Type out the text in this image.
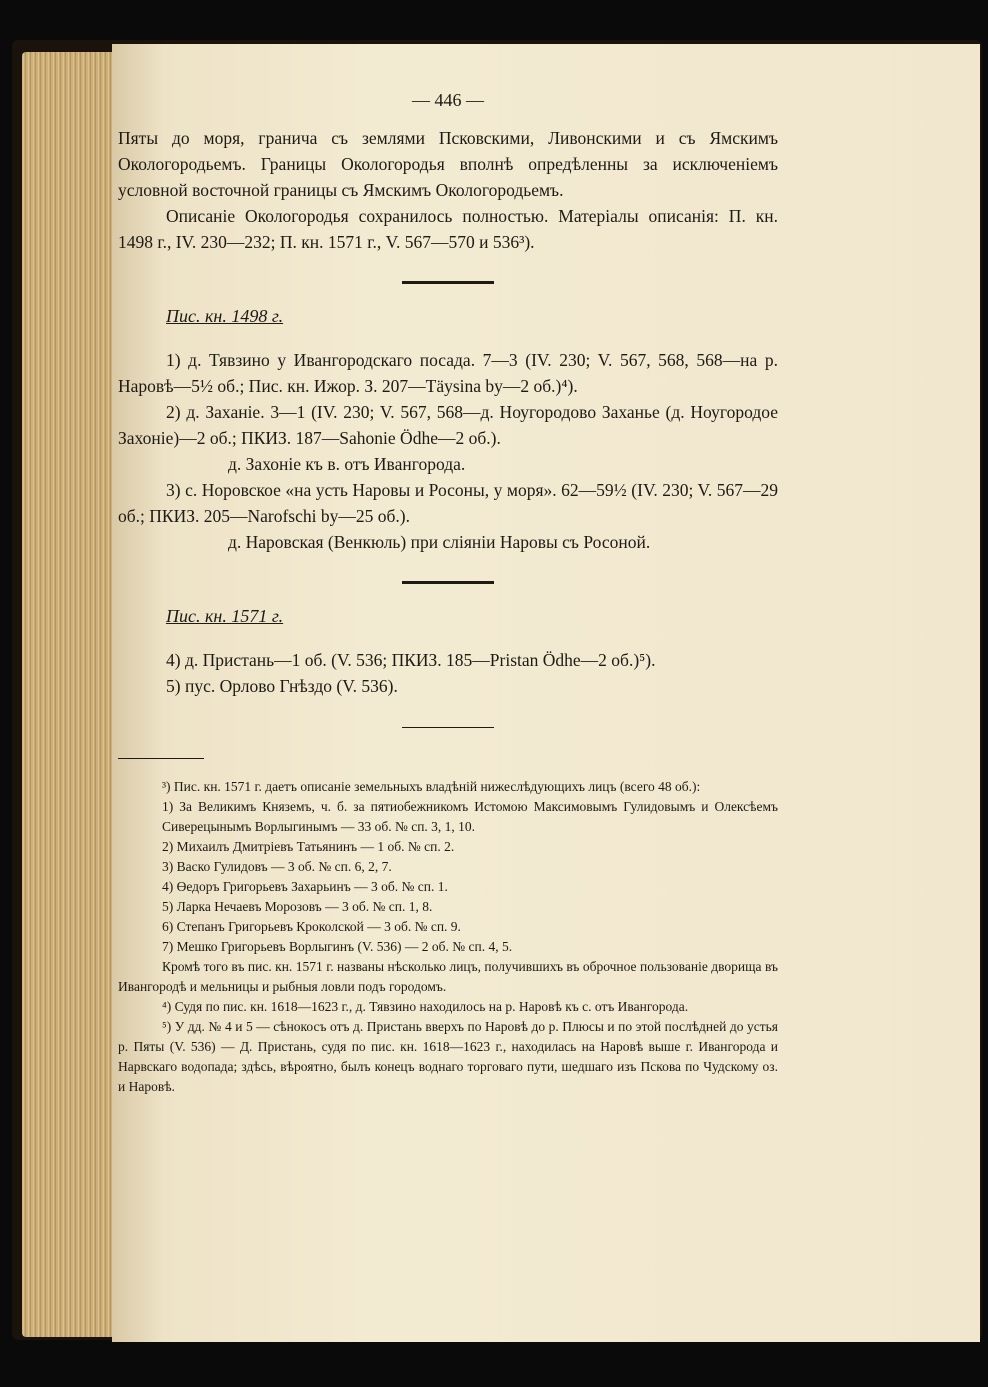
— 446 —

Пяты до моря, гранича съ землями Псковскими, Ливонскими и съ Ямскимъ Окологородьемъ. Границы Окологородья вполнѣ опредѣленны за исключеніемъ условной восточной границы съ Ямскимъ Окологородьемъ.

Описаніе Окологородья сохранилось полностью. Матеріалы описанія: П. кн. 1498 г., IV. 230—232; П. кн. 1571 г., V. 567—570 и 536³).

Пис. кн. 1498 г.

1) д. Тявзино у Ивангородскаго посада. 7—3 (IV. 230; V. 567, 568, 568—на р. Наровѣ—5½ об.; Пис. кн. Ижор. З. 207—Täysina by—2 об.)⁴).

2) д. Заханіе. 3—1 (IV. 230; V. 567, 568—д. Ноугородово Заханье (д. Ноугородое Захоніе)—2 об.; ПКИЗ. 187—Sahonie Ödhe—2 об.).

д. Захоніе къ в. отъ Ивангорода.

3) с. Норовское «на усть Наровы и Росоны, у моря». 62—59½ (IV. 230; V. 567—29 об.; ПКИЗ. 205—Narofschi by—25 об.).

д. Наровская (Венкюль) при сліяніи Наровы съ Росоной.

Пис. кн. 1571 г.

4) д. Пристань—1 об. (V. 536; ПКИЗ. 185—Pristan Ödhe—2 об.)⁵).

5) пус. Орлово Гнѣздо (V. 536).

³) Пис. кн. 1571 г. даетъ описаніе земельныхъ владѣній нижеслѣдующихъ лицъ (всего 48 об.):

1) За Великимъ Княземъ, ч. б. за пятиобежникомъ Истомою Максимовымъ Гулидовымъ и Олексѣемъ Сиверецынымъ Ворлыгинымъ — 33 об. № сп. 3, 1, 10.

2) Михаилъ Дмитріевъ Татьянинъ — 1 об. № сп. 2.

3) Васко Гулидовъ — 3 об. № сп. 6, 2, 7.

4) Өедоръ Григорьевъ Захарьинъ — 3 об. № сп. 1.

5) Ларка Нечаевъ Морозовъ — 3 об. № сп. 1, 8.

6) Степанъ Григорьевъ Кроколской — 3 об. № сп. 9.

7) Мешко Григорьевъ Ворлыгинъ (V. 536) — 2 об. № сп. 4, 5.

Кромѣ того въ пис. кн. 1571 г. названы нѣсколько лицъ, получившихъ въ оброчное пользованіе дворища въ Ивангородѣ и мельницы и рыбныя ловли подъ городомъ.

⁴) Судя по пис. кн. 1618—1623 г., д. Тявзино находилось на р. Наровѣ къ с. отъ Ивангорода.

⁵) У дд. № 4 и 5 — сѣнокосъ отъ д. Пристань вверхъ по Наровѣ до р. Плюсы и по этой послѣдней до устья р. Пяты (V. 536) — Д. Пристань, судя по пис. кн. 1618—1623 г., находилась на Наровѣ выше г. Ивангорода и Нарвскаго водопада; здѣсь, вѣроятно, былъ конецъ воднаго торговаго пути, шедшаго изъ Пскова по Чудскому оз. и Наровѣ.
